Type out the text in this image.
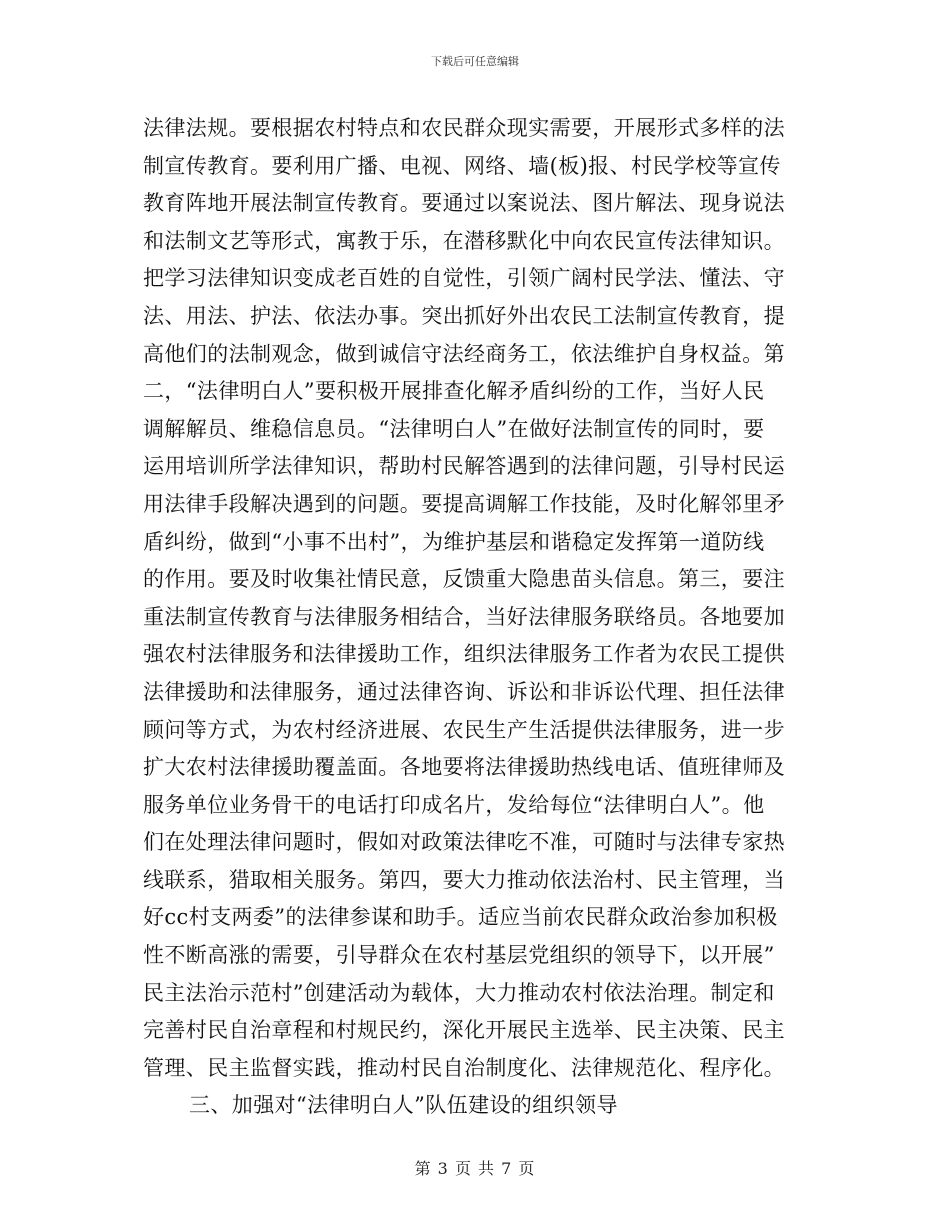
下载后可任意编辑
法律法规。要根据农村特点和农民群众现实需要，开展形式多样的法
制宣传教育。要利用广播、电视、网络、墙(板)报、村民学校等宣传
教育阵地开展法制宣传教育。要通过以案说法、图片解法、现身说法
和法制文艺等形式，寓教于乐，在潜移默化中向农民宣传法律知识。
把学习法律知识变成老百姓的自觉性，引领广阔村民学法、懂法、守
法、用法、护法、依法办事。突出抓好外出农民工法制宣传教育，提
高他们的法制观念，做到诚信守法经商务工，依法维护自身权益。第
二，“法律明白人”要积极开展排查化解矛盾纠纷的工作，当好人民
调解解员、维稳信息员。“法律明白人”在做好法制宣传的同时，要
运用培训所学法律知识，帮助村民解答遇到的法律问题，引导村民运
用法律手段解决遇到的问题。要提高调解工作技能，及时化解邻里矛
盾纠纷，做到“小事不出村”，为维护基层和谐稳定发挥第一道防线
的作用。要及时收集社情民意，反馈重大隐患苗头信息。第三，要注
重法制宣传教育与法律服务相结合，当好法律服务联络员。各地要加
强农村法律服务和法律援助工作，组织法律服务工作者为农民工提供
法律援助和法律服务，通过法律咨询、诉讼和非诉讼代理、担任法律
顾问等方式，为农村经济进展、农民生产生活提供法律服务，进一步
扩大农村法律援助覆盖面。各地要将法律援助热线电话、值班律师及
服务单位业务骨干的电话打印成名片，发给每位“法律明白人”。他
们在处理法律问题时，假如对政策法律吃不准，可随时与法律专家热
线联系，猎取相关服务。第四，要大力推动依法治村、民主管理，当
好cc村支两委”的法律参谋和助手。适应当前农民群众政治参加积极
性不断高涨的需要，引导群众在农村基层党组织的领导下，以开展”
民主法治示范村”创建活动为载体，大力推动农村依法治理。制定和
完善村民自治章程和村规民约，深化开展民主选举、民主决策、民主
管理、民主监督实践，推动村民自治制度化、法律规范化、程序化。
三、加强对“法律明白人”队伍建设的组织领导
第 3 页 共 7 页
